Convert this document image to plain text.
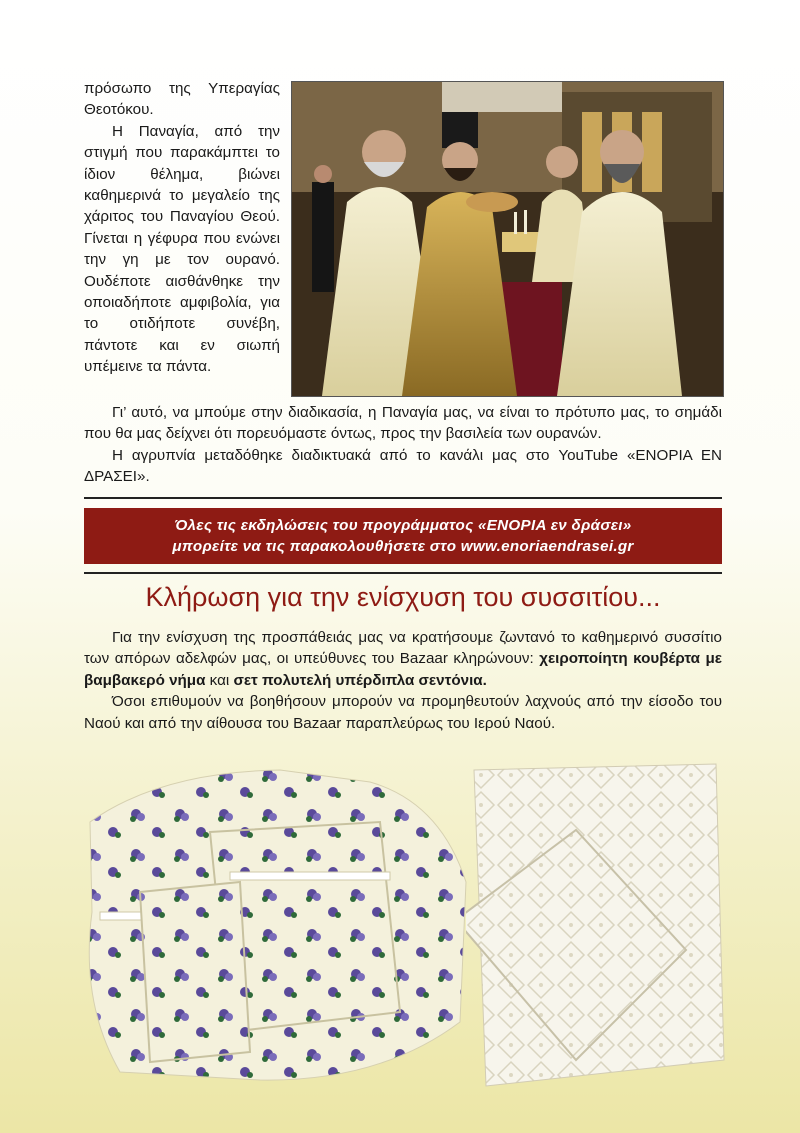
πρόσωπο της Υπεραγίας Θεοτόκου.

Η Παναγία, από την στιγμή που παρακάμπτει το ίδιον θέλημα, βιώνει καθημερινά το μεγαλείο της χάριτος του Παναγίου Θεού. Γίνεται η γέφυρα που ενώνει την γη με τον ουρανό. Ουδέποτε αισθάνθηκε την οποιαδήποτε αμφιβολία, για το οτιδήποτε συνέβη, πάντοτε και εν σιωπή υπέμεινε τα πάντα.

Γι’ αυτό, να μπούμε στην διαδικασία, η Παναγία μας, να είναι το πρότυπο μας, το σημάδι που θα μας δείχνει ότι πορευόμαστε όντως, προς την βασιλεία των ουρανών.

Η αγρυπνία μεταδόθηκε διαδικτυακά από το κανάλι μας στο YouTube «ΕΝΟΡΙΑ ΕΝ ΔΡΑΣΕΙ».

Όλες τις εκδηλώσεις του προγράμματος «ΕΝΟΡΙΑ εν δράσει»
μπορείτε να τις παρακολουθήσετε στο www.enoriaendrasei.gr
Κλήρωση για την ενίσχυση του συσσιτίου...

Για την ενίσχυση της προσπάθειάς μας να κρατήσουμε ζωντανό το καθημερινό συσσίτιο των απόρων αδελφών μας, οι υπεύθυνες του Bazaar κληρώνουν: χειροποίητη κουβέρτα με βαμβακερό νήμα και σετ πολυτελή υπέρδιπλα σεντόνια.

Όσοι επιθυμούν να βοηθήσουν μπορούν να προμηθευτούν λαχνούς από την είσοδο του Ναού και από την αίθουσα του Bazaar παραπλεύρως του Ιερού Ναού.
